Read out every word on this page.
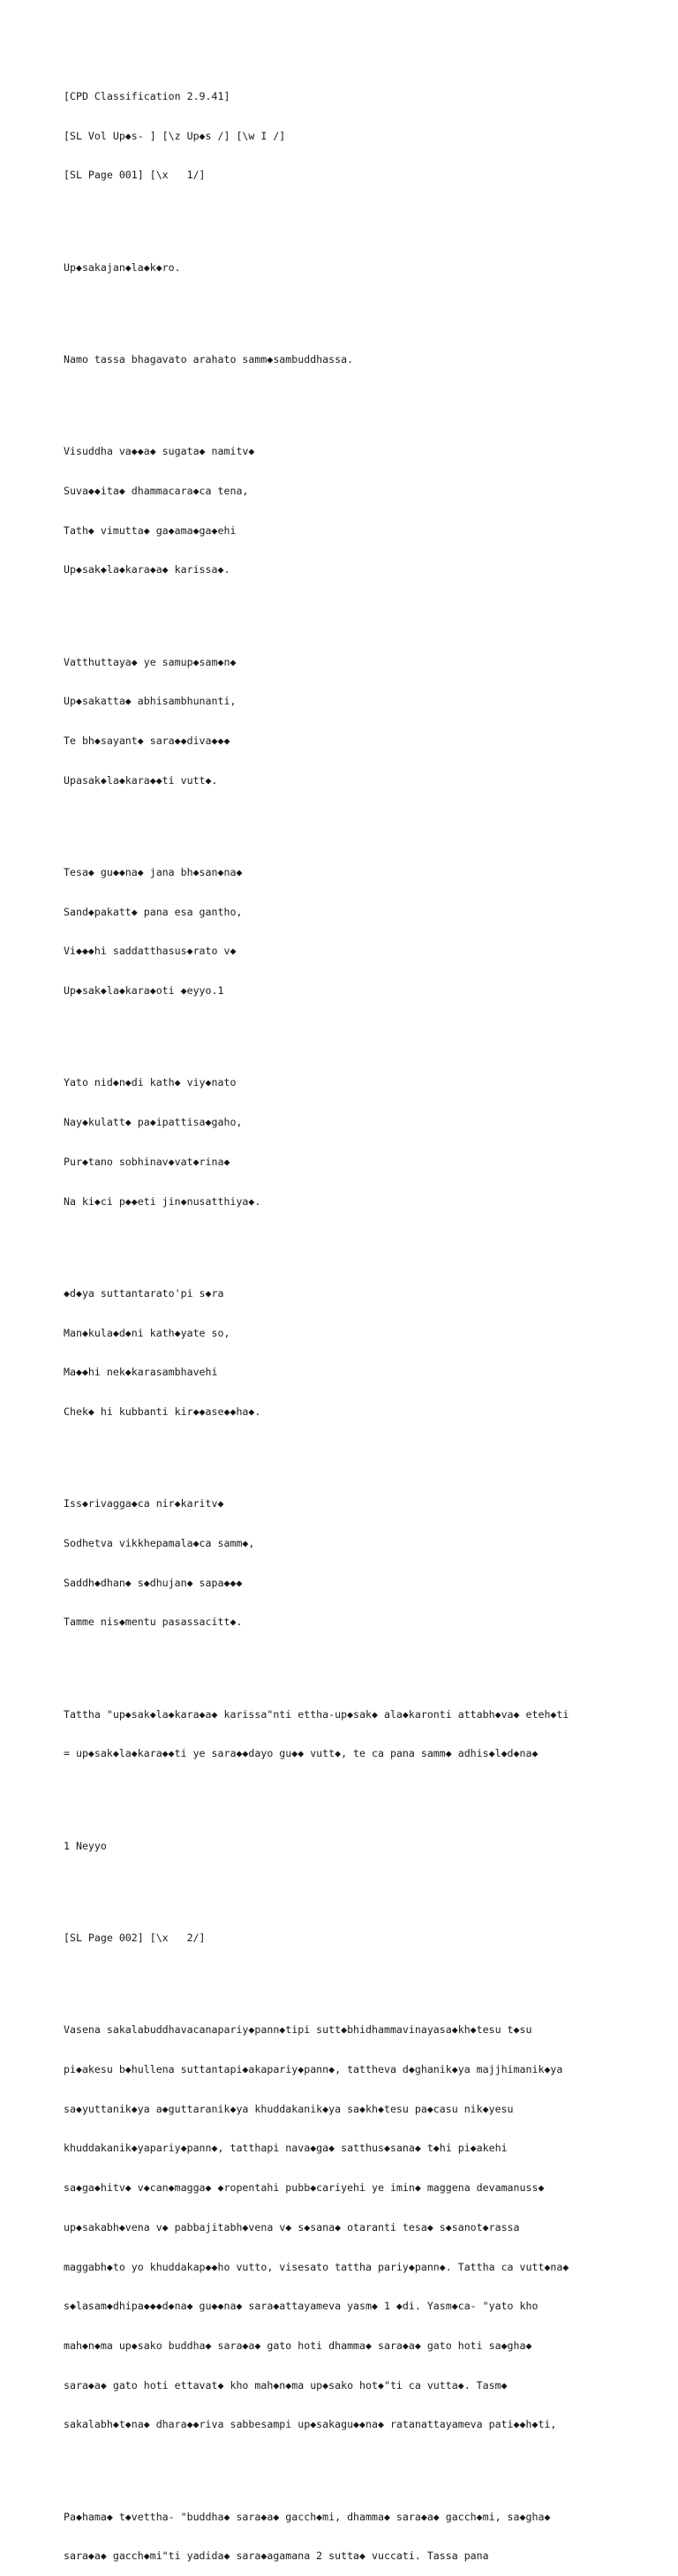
[CPD Classification 2.9.41]

[SL Vol Up◆s- ] [\z Up◆s /] [\w I /]

[SL Page 001] [\x   1/]

Up◆sakajan◆la◆k◆ro.

Namo tassa bhagavato arahato samm◆sambuddhassa.

Visuddha va◆◆a◆ sugata◆ namitv◆

Suva◆◆ita◆ dhammacara◆ca tena,

Tath◆ vimutta◆ ga◆ama◆ga◆ehi

Up◆sak◆la◆kara◆a◆ karissa◆.

Vatthuttaya◆ ye samup◆sam◆n◆

Up◆sakatta◆ abhisambhunanti,

Te bh◆sayant◆ sara◆◆diva◆◆◆

Upasak◆la◆kara◆◆ti vutt◆.

Tesa◆ gu◆◆na◆ jana bh◆san◆na◆

Sand◆pakatt◆ pana esa gantho,

Vi◆◆◆hi saddatthasus◆rato v◆

Up◆sak◆la◆kara◆oti ◆eyyo.1

Yato nid◆n◆di kath◆ viy◆nato

Nay◆kulatt◆ pa◆ipattisa◆gaho,

Pur◆tano sobhinav◆vat◆rina◆

Na ki◆ci p◆◆eti jin◆nusatthiya◆.

◆d◆ya suttantarato'pi s◆ra

Man◆kula◆d◆ni kath◆yate so,

Ma◆◆hi nek◆karasambhavehi

Chek◆ hi kubbanti kir◆◆ase◆◆ha◆.

Iss◆rivagga◆ca nir◆karitv◆

Sodhetva vikkhepamala◆ca samm◆,

Saddh◆dhan◆ s◆dhujan◆ sapa◆◆◆

Tamme nis◆mentu pasassacitt◆.

Tattha "up◆sak◆la◆kara◆a◆ karissa"nti ettha-up◆sak◆ ala◆karonti attabh◆va◆ eteh◆ti

= up◆sak◆la◆kara◆◆ti ye sara◆◆dayo gu◆◆ vutt◆, te ca pana samm◆ adhis◆l◆d◆na◆

1 Neyyo

[SL Page 002] [\x   2/]

Vasena sakalabuddhavacanapariy◆pann◆tipi sutt◆bhidhammavinayasa◆kh◆tesu t◆su

pi◆akesu b◆hullena suttantapi◆akapariy◆pann◆, tattheva d◆ghanik◆ya majjhimanik◆ya

sa◆yuttanik◆ya a◆guttaranik◆ya khuddakanik◆ya sa◆kh◆tesu pa◆casu nik◆yesu

khuddakanik◆yapariy◆pann◆, tatthapi nava◆ga◆ satthus◆sana◆ t◆hi pi◆akehi

sa◆ga◆hitv◆ v◆can◆magga◆ ◆ropentahi pubb◆cariyehi ye imin◆ maggena devamanuss◆

up◆sakabh◆vena v◆ pabbajitabh◆vena v◆ s◆sana◆ otaranti tesa◆ s◆sanot◆rassa

maggabh◆to yo khuddakap◆◆ho vutto, visesato tattha pariy◆pann◆. Tattha ca vutt◆na◆

s◆lasam◆dhipa◆◆◆d◆na◆ gu◆◆na◆ sara◆attayameva yasm◆ 1 ◆di. Yasm◆ca- "yato kho

mah◆n◆ma up◆sako buddha◆ sara◆a◆ gato hoti dhamma◆ sara◆a◆ gato hoti sa◆gha◆

sara◆a◆ gato hoti ettavat◆ kho mah◆n◆ma up◆sako hot◆"ti ca vutta◆. Tasm◆

sakalabh◆t◆na◆ dhara◆◆riva sabbesampi up◆sakagu◆◆na◆ ratanattayameva pati◆◆h◆ti,

Pa◆hama◆ t◆vettha- "buddha◆ sara◆a◆ gacch◆mi, dhamma◆ sara◆a◆ gacch◆mi, sa◆gha◆

sara◆a◆ gacch◆mi"ti yadida◆ sara◆agamana 2 sutta◆ vuccati. Tassa pana
